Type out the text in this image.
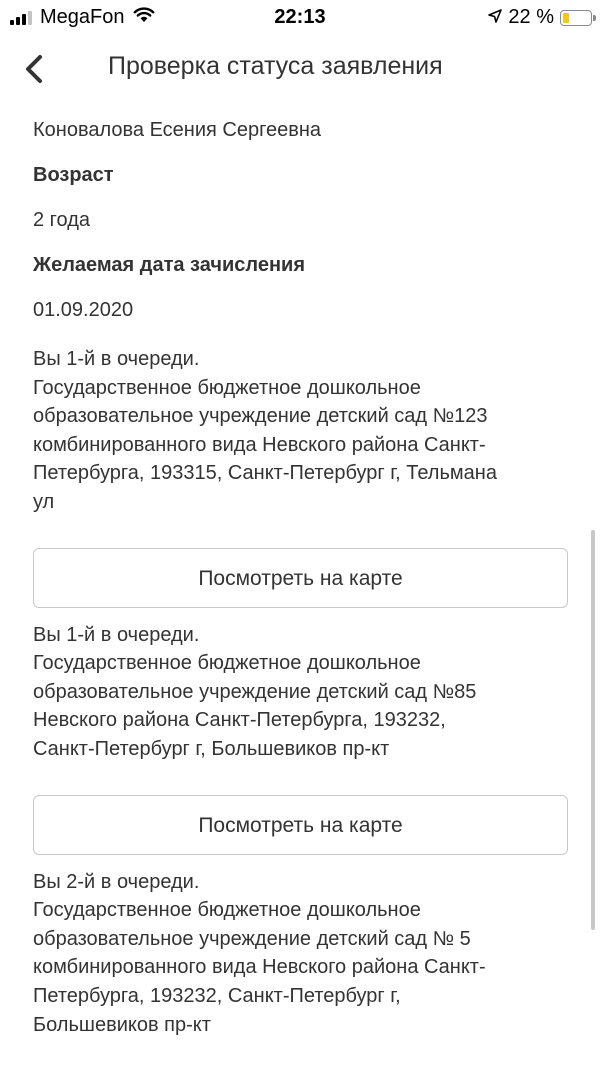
MegaFon	22:13	22 %
Проверка статуса заявления

Коновалова Есения Сергеевна

Возраст

2 года

Желаемая дата зачисления

01.09.2020

Вы 1-й в очереди.
Государственное бюджетное дошкольное
образовательное учреждение детский сад №123
комбинированного вида Невского района Санкт-
Петербурга, 193315, Санкт-Петербург г, Тельмана
ул
Посмотреть на карте
Вы 1-й в очереди.
Государственное бюджетное дошкольное
образовательное учреждение детский сад №85
Невского района Санкт-Петербурга, 193232,
Санкт-Петербург г, Большевиков пр-кт
Посмотреть на карте
Вы 2-й в очереди.
Государственное бюджетное дошкольное
образовательное учреждение детский сад № 5
комбинированного вида Невского района Санкт-
Петербурга, 193232, Санкт-Петербург г,
Большевиков пр-кт
